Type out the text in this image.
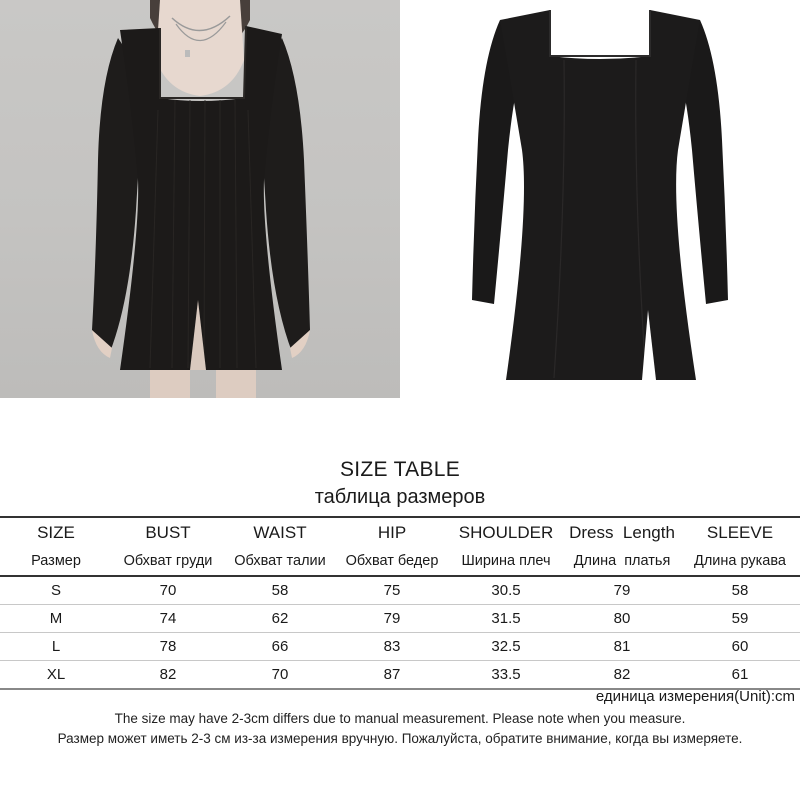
SIZE TABLE
таблица размеров
SIZE	BUST	WAIST	HIP	SHOULDER	Dress  Length	SLEEVE
Размер	Обхват груди	Обхват талии	Обхват бедер	Ширина плеч	Длина  платья	Длина рукава
S	70	58	75	30.5	79	58
M	74	62	79	31.5	80	59
L	78	66	83	32.5	81	60
XL	82	70	87	33.5	82	61
единица измерения(Unit):cm
The size may have 2-3cm differs due to manual measurement. Please note when you measure.
Размер может иметь 2-3 см из-за измерения вручную. Пожалуйста, обратите внимание, когда вы измеряете.
